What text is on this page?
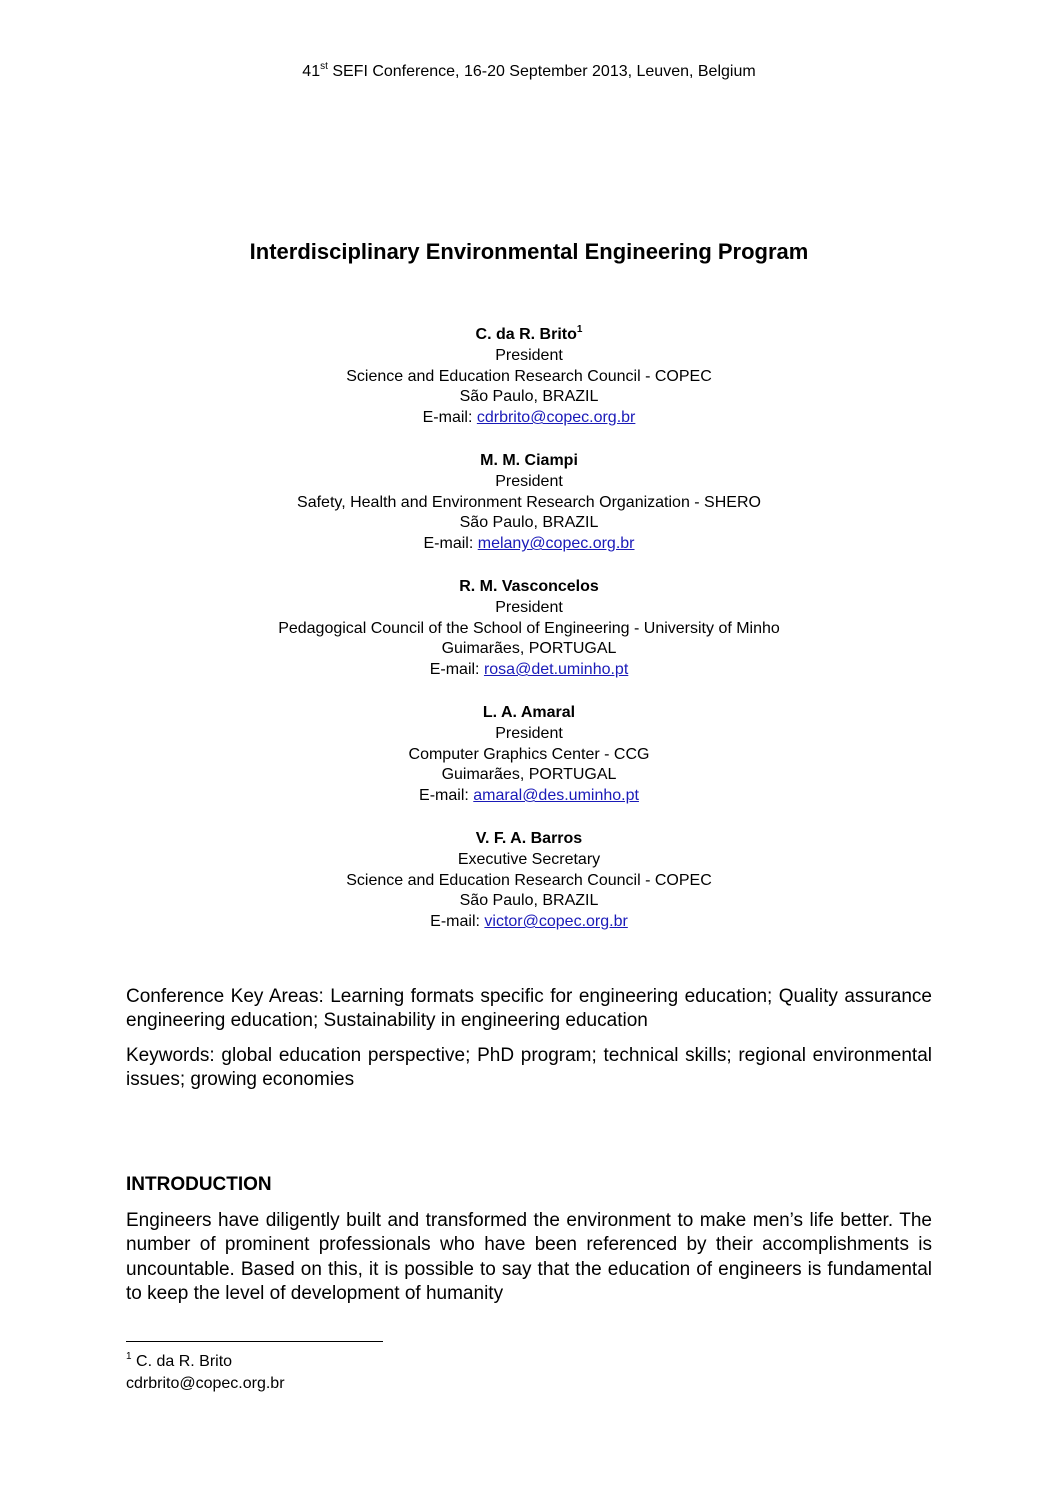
41st SEFI Conference, 16-20 September 2013, Leuven, Belgium
Interdisciplinary Environmental Engineering Program
C. da R. Brito$^1$
President
Science and Education Research Council - COPEC
São Paulo, BRAZIL
E-mail: cdrbrito@copec.org.br
M. M. Ciampi
President
Safety, Health and Environment Research Organization - SHERO
São Paulo, BRAZIL
E-mail: melany@copec.org.br
R. M. Vasconcelos
President
Pedagogical Council of the School of Engineering - University of Minho
Guimarães, PORTUGAL
E-mail: rosa@det.uminho.pt
L. A. Amaral
President
Computer Graphics Center - CCG
Guimarães, PORTUGAL
E-mail: amaral@des.uminho.pt
V. F. A. Barros
Executive Secretary
Science and Education Research Council - COPEC
São Paulo, BRAZIL
E-mail: victor@copec.org.br
Conference Key Areas: Learning formats specific for engineering education; Quality assurance engineering education; Sustainability in engineering education
Keywords: global education perspective; PhD program; technical skills; regional environmental issues; growing economies
INTRODUCTION
Engineers have diligently built and transformed the environment to make men’s life better. The number of prominent professionals who have been referenced by their accomplishments is uncountable. Based on this, it is possible to say that the education of engineers is fundamental to keep the level of development of humanity
$^1$ C. da R. Brito
cdrbrito@copec.org.br
